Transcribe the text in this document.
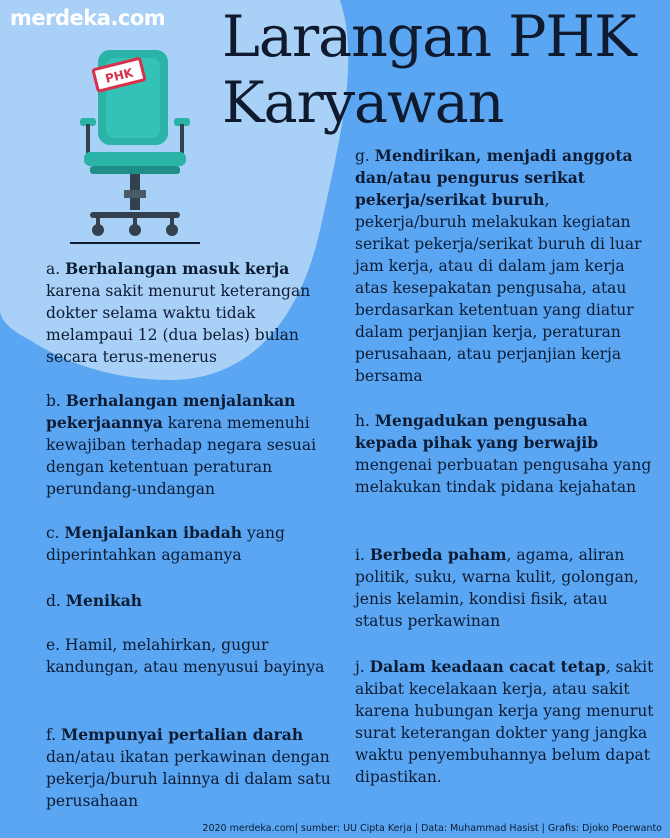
merdeka.com Larangan PHK
Karyawan
PHK
a. Berhalangan masuk kerja karena sakit menurut keterangan dokter selama waktu tidak melampaui 12 (dua belas) bulan secara terus-menerus
b. Berhalangan menjalankan pekerjaannya karena memenuhi kewajiban terhadap negara sesuai dengan ketentuan peraturan perundang-undangan
c. Menjalankan ibadah yang diperintahkan agamanya
d. Menikah
e. Hamil, melahirkan, gugur kandungan, atau menyusui bayinya
f. Mempunyai pertalian darah dan/atau ikatan perkawinan dengan pekerja/buruh lainnya di dalam satu perusahaan
g. Mendirikan, menjadi anggota dan/atau pengurus serikat pekerja/serikat buruh, pekerja/buruh melakukan kegiatan serikat pekerja/serikat buruh di luar jam kerja, atau di dalam jam kerja atas kesepakatan pengusaha, atau berdasarkan ketentuan yang diatur dalam perjanjian kerja, peraturan perusahaan, atau perjanjian kerja bersama
h. Mengadukan pengusaha kepada pihak yang berwajib mengenai perbuatan pengusaha yang melakukan tindak pidana kejahatan
i. Berbeda paham, agama, aliran politik, suku, warna kulit, golongan, jenis kelamin, kondisi fisik, atau status perkawinan
j. Dalam keadaan cacat tetap, sakit akibat kecelakaan kerja, atau sakit karena hubungan kerja yang menurut surat keterangan dokter yang jangka waktu penyembuhannya belum dapat dipastikan.
2020 merdeka.com| sumber: UU Cipta Kerja | Data: Muhammad Hasist | Grafis: Djoko Poerwanto
